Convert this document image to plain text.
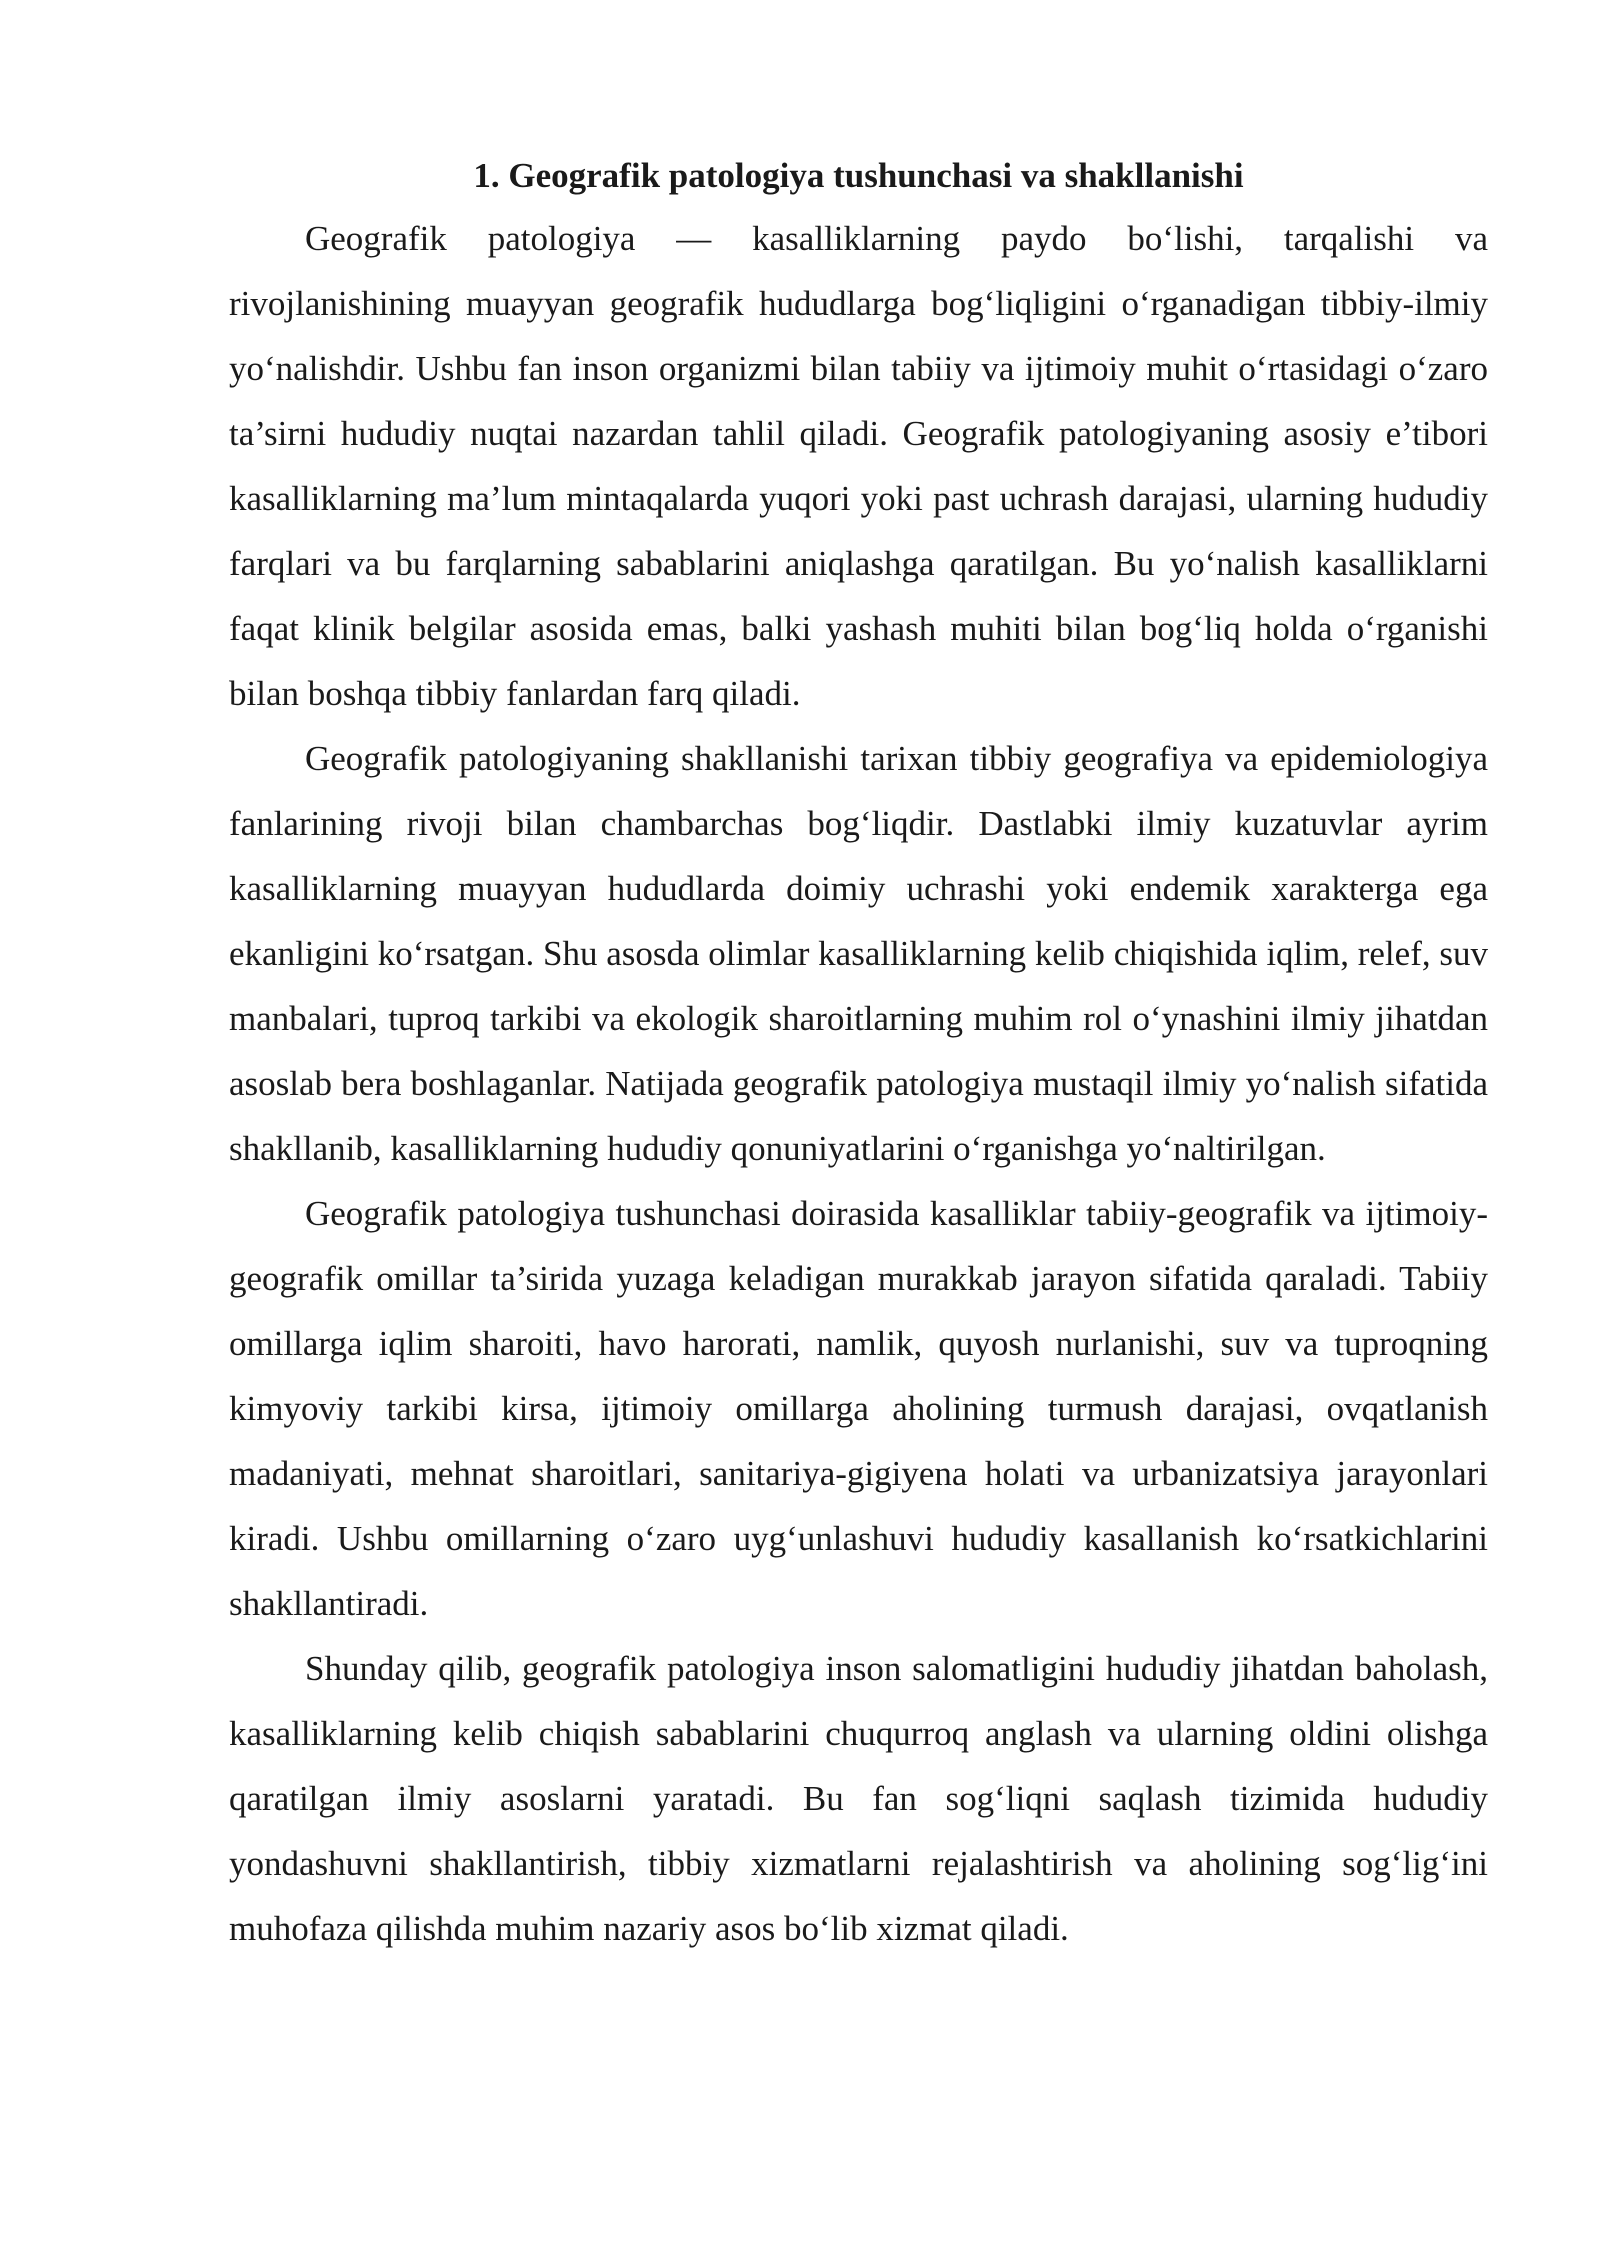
1. Geografik patologiya tushunchasi va shakllanishi

Geografik patologiya — kasalliklarning paydo bo‘lishi, tarqalishi va rivojlanishining muayyan geografik hududlarga bog‘liqligini o‘rganadigan tibbiy-ilmiy yo‘nalishdir. Ushbu fan inson organizmi bilan tabiiy va ijtimoiy muhit o‘rtasidagi o‘zaro ta’sirni hududiy nuqtai nazardan tahlil qiladi. Geografik patologiyaning asosiy e’tibori kasalliklarning ma’lum mintaqalarda yuqori yoki past uchrash darajasi, ularning hududiy farqlari va bu farqlarning sabablarini aniqlashga qaratilgan. Bu yo‘nalish kasalliklarni faqat klinik belgilar asosida emas, balki yashash muhiti bilan bog‘liq holda o‘rganishi bilan boshqa tibbiy fanlardan farq qiladi.

Geografik patologiyaning shakllanishi tarixan tibbiy geografiya va epidemiologiya fanlarining rivoji bilan chambarchas bog‘liqdir. Dastlabki ilmiy kuzatuvlar ayrim kasalliklarning muayyan hududlarda doimiy uchrashi yoki endemik xarakterga ega ekanligini ko‘rsatgan. Shu asosda olimlar kasalliklarning kelib chiqishida iqlim, relef, suv manbalari, tuproq tarkibi va ekologik sharoitlarning muhim rol o‘ynashini ilmiy jihatdan asoslab bera boshlaganlar. Natijada geografik patologiya mustaqil ilmiy yo‘nalish sifatida shakllanib, kasalliklarning hududiy qonuniyatlarini o‘rganishga yo‘naltirilgan.

Geografik patologiya tushunchasi doirasida kasalliklar tabiiy-geografik va ijtimoiy-geografik omillar ta’sirida yuzaga keladigan murakkab jarayon sifatida qaraladi. Tabiiy omillarga iqlim sharoiti, havo harorati, namlik, quyosh nurlanishi, suv va tuproqning kimyoviy tarkibi kirsa, ijtimoiy omillarga aholining turmush darajasi, ovqatlanish madaniyati, mehnat sharoitlari, sanitariya-gigiyena holati va urbanizatsiya jarayonlari kiradi. Ushbu omillarning o‘zaro uyg‘unlashuvi hududiy kasallanish ko‘rsatkichlarini shakllantiradi.

Shunday qilib, geografik patologiya inson salomatligini hududiy jihatdan baholash, kasalliklarning kelib chiqish sabablarini chuqurroq anglash va ularning oldini olishga qaratilgan ilmiy asoslarni yaratadi. Bu fan sog‘liqni saqlash tizimida hududiy yondashuvni shakllantirish, tibbiy xizmatlarni rejalashtirish va aholining sog‘lig‘ini muhofaza qilishda muhim nazariy asos bo‘lib xizmat qiladi.
